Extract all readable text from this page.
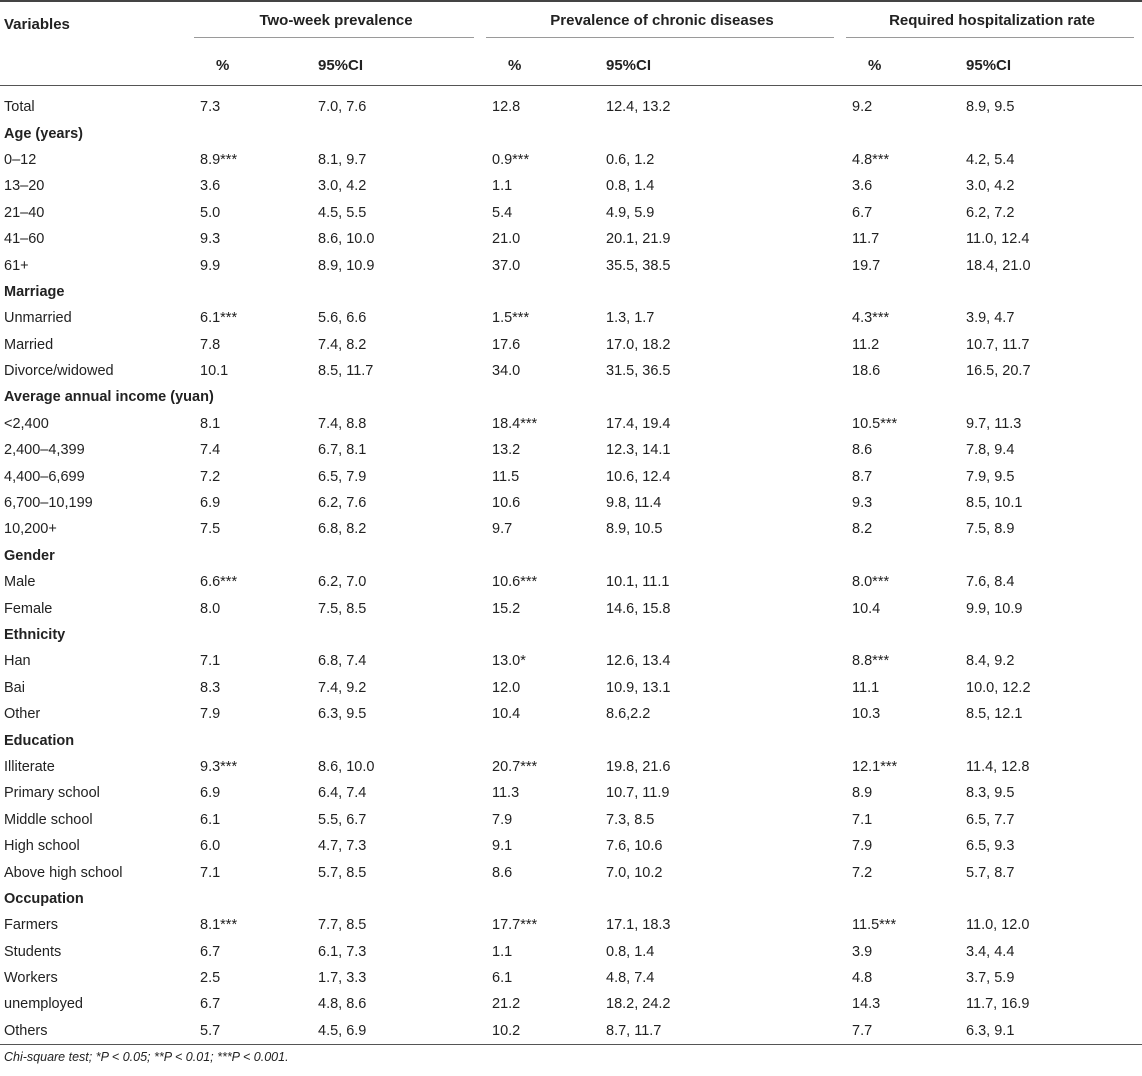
Variables	Two-week prevalence		Prevalence of chronic diseases		Required hospitalization rate	

	%	95%CI	%	95%CI	%	95%CI

Total	7.3	7.0, 7.6	12.8	12.4, 13.2	9.2	8.9, 9.5
Age (years)						
0–12	8.9***	8.1, 9.7	0.9***	0.6, 1.2	4.8***	4.2, 5.4
13–20	3.6	3.0, 4.2	1.1	0.8, 1.4	3.6	3.0, 4.2
21–40	5.0	4.5, 5.5	5.4	4.9, 5.9	6.7	6.2, 7.2
41–60	9.3	8.6, 10.0	21.0	20.1, 21.9	11.7	11.0, 12.4
61+	9.9	8.9, 10.9	37.0	35.5, 38.5	19.7	18.4, 21.0
Marriage						
Unmarried	6.1***	5.6, 6.6	1.5***	1.3, 1.7	4.3***	3.9, 4.7
Married	7.8	7.4, 8.2	17.6	17.0, 18.2	11.2	10.7, 11.7
Divorce/widowed	10.1	8.5, 11.7	34.0	31.5, 36.5	18.6	16.5, 20.7
Average annual income (yuan)						
<2,400	8.1	7.4, 8.8	18.4***	17.4, 19.4	10.5***	9.7, 11.3
2,400–4,399	7.4	6.7, 8.1	13.2	12.3, 14.1	8.6	7.8, 9.4
4,400–6,699	7.2	6.5, 7.9	11.5	10.6, 12.4	8.7	7.9, 9.5
6,700–10,199	6.9	6.2, 7.6	10.6	9.8, 11.4	9.3	8.5, 10.1
10,200+	7.5	6.8, 8.2	9.7	8.9, 10.5	8.2	7.5, 8.9
Gender						
Male	6.6***	6.2, 7.0	10.6***	10.1, 11.1	8.0***	7.6, 8.4
Female	8.0	7.5, 8.5	15.2	14.6, 15.8	10.4	9.9, 10.9
Ethnicity						
Han	7.1	6.8, 7.4	13.0*	12.6, 13.4	8.8***	8.4, 9.2
Bai	8.3	7.4, 9.2	12.0	10.9, 13.1	11.1	10.0, 12.2
Other	7.9	6.3, 9.5	10.4	8.6,2.2	10.3	8.5, 12.1
Education						
Illiterate	9.3***	8.6, 10.0	20.7***	19.8, 21.6	12.1***	11.4, 12.8
Primary school	6.9	6.4, 7.4	11.3	10.7, 11.9	8.9	8.3, 9.5
Middle school	6.1	5.5, 6.7	7.9	7.3, 8.5	7.1	6.5, 7.7
High school	6.0	4.7, 7.3	9.1	7.6, 10.6	7.9	6.5, 9.3
Above high school	7.1	5.7, 8.5	8.6	7.0, 10.2	7.2	5.7, 8.7
Occupation						
Farmers	8.1***	7.7, 8.5	17.7***	17.1, 18.3	11.5***	11.0, 12.0
Students	6.7	6.1, 7.3	1.1	0.8, 1.4	3.9	3.4, 4.4
Workers	2.5	1.7, 3.3	6.1	4.8, 7.4	4.8	3.7, 5.9
unemployed	6.7	4.8, 8.6	21.2	18.2, 24.2	14.3	11.7, 16.9
Others	5.7	4.5, 6.9	10.2	8.7, 11.7	7.7	6.3, 9.1
Chi-square test; *P < 0.05; **P < 0.01; ***P < 0.001.
